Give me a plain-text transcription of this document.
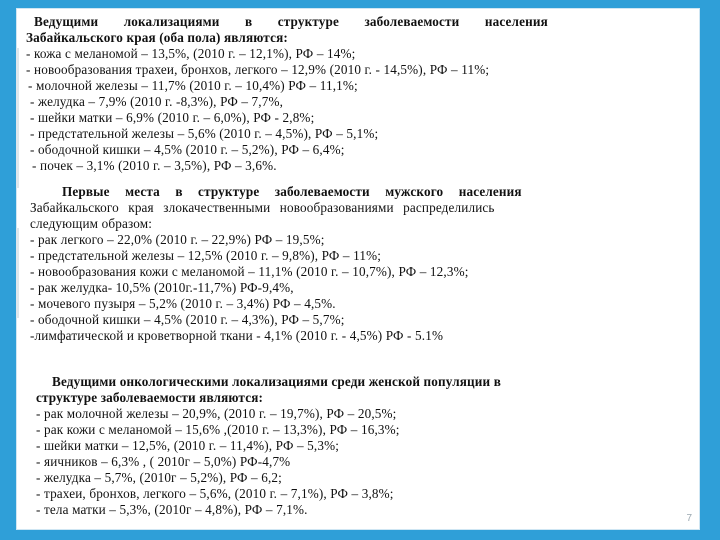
Ведущими локализациями в структуре заболеваемости населения
Забайкальского края (оба пола) являются:
- кожа с меланомой – 13,5%, (2010 г. – 12,1%), РФ – 14%;
- новообразования трахеи, бронхов, легкого – 12,9% (2010 г. - 14,5%), РФ – 11%;
- молочной железы – 11,7% (2010 г. – 10,4%) РФ – 11,1%;
- желудка – 7,9% (2010 г. -8,3%), РФ – 7,7%,
- шейки матки – 6,9% (2010 г. – 6,0%), РФ - 2,8%;
- предстательной железы – 5,6% (2010 г. – 4,5%), РФ – 5,1%;
- ободочной кишки – 4,5% (2010 г. – 5,2%), РФ – 6,4%;
- почек – 3,1% (2010 г. – 3,5%), РФ – 3,6%.
Первые места в структуре заболеваемости мужского населения
Забайкальского края злокачественными новообразованиями распределились
следующим образом:
- рак легкого – 22,0% (2010 г. – 22,9%) РФ – 19,5%;
- предстательной железы – 12,5% (2010 г. – 9,8%), РФ – 11%;
- новообразования кожи с меланомой – 11,1% (2010 г. – 10,7%), РФ – 12,3%;
- рак желудка- 10,5% (2010г.-11,7%) РФ-9,4%,
- мочевого пузыря – 5,2% (2010 г. – 3,4%) РФ – 4,5%.
- ободочной кишки – 4,5% (2010 г. – 4,3%), РФ – 5,7%;
-лимфатической и кроветворной ткани - 4,1% (2010 г. - 4,5%) РФ - 5.1%
Ведущими онкологическими локализациями среди женской популяции в
структуре заболеваемости являются:
- рак молочной железы – 20,9%, (2010 г. – 19,7%), РФ – 20,5%;
- рак кожи с меланомой – 15,6% ,(2010 г. – 13,3%), РФ – 16,3%;
- шейки матки – 12,5%, (2010 г. – 11,4%), РФ – 5,3%;
- яичников – 6,3% , ( 2010г – 5,0%) РФ-4,7%
- желудка – 5,7%, (2010г – 5,2%), РФ – 6,2;
- трахеи, бронхов, легкого – 5,6%, (2010 г. – 7,1%), РФ – 3,8%;
- тела матки – 5,3%, (2010г – 4,8%), РФ – 7,1%.
7
